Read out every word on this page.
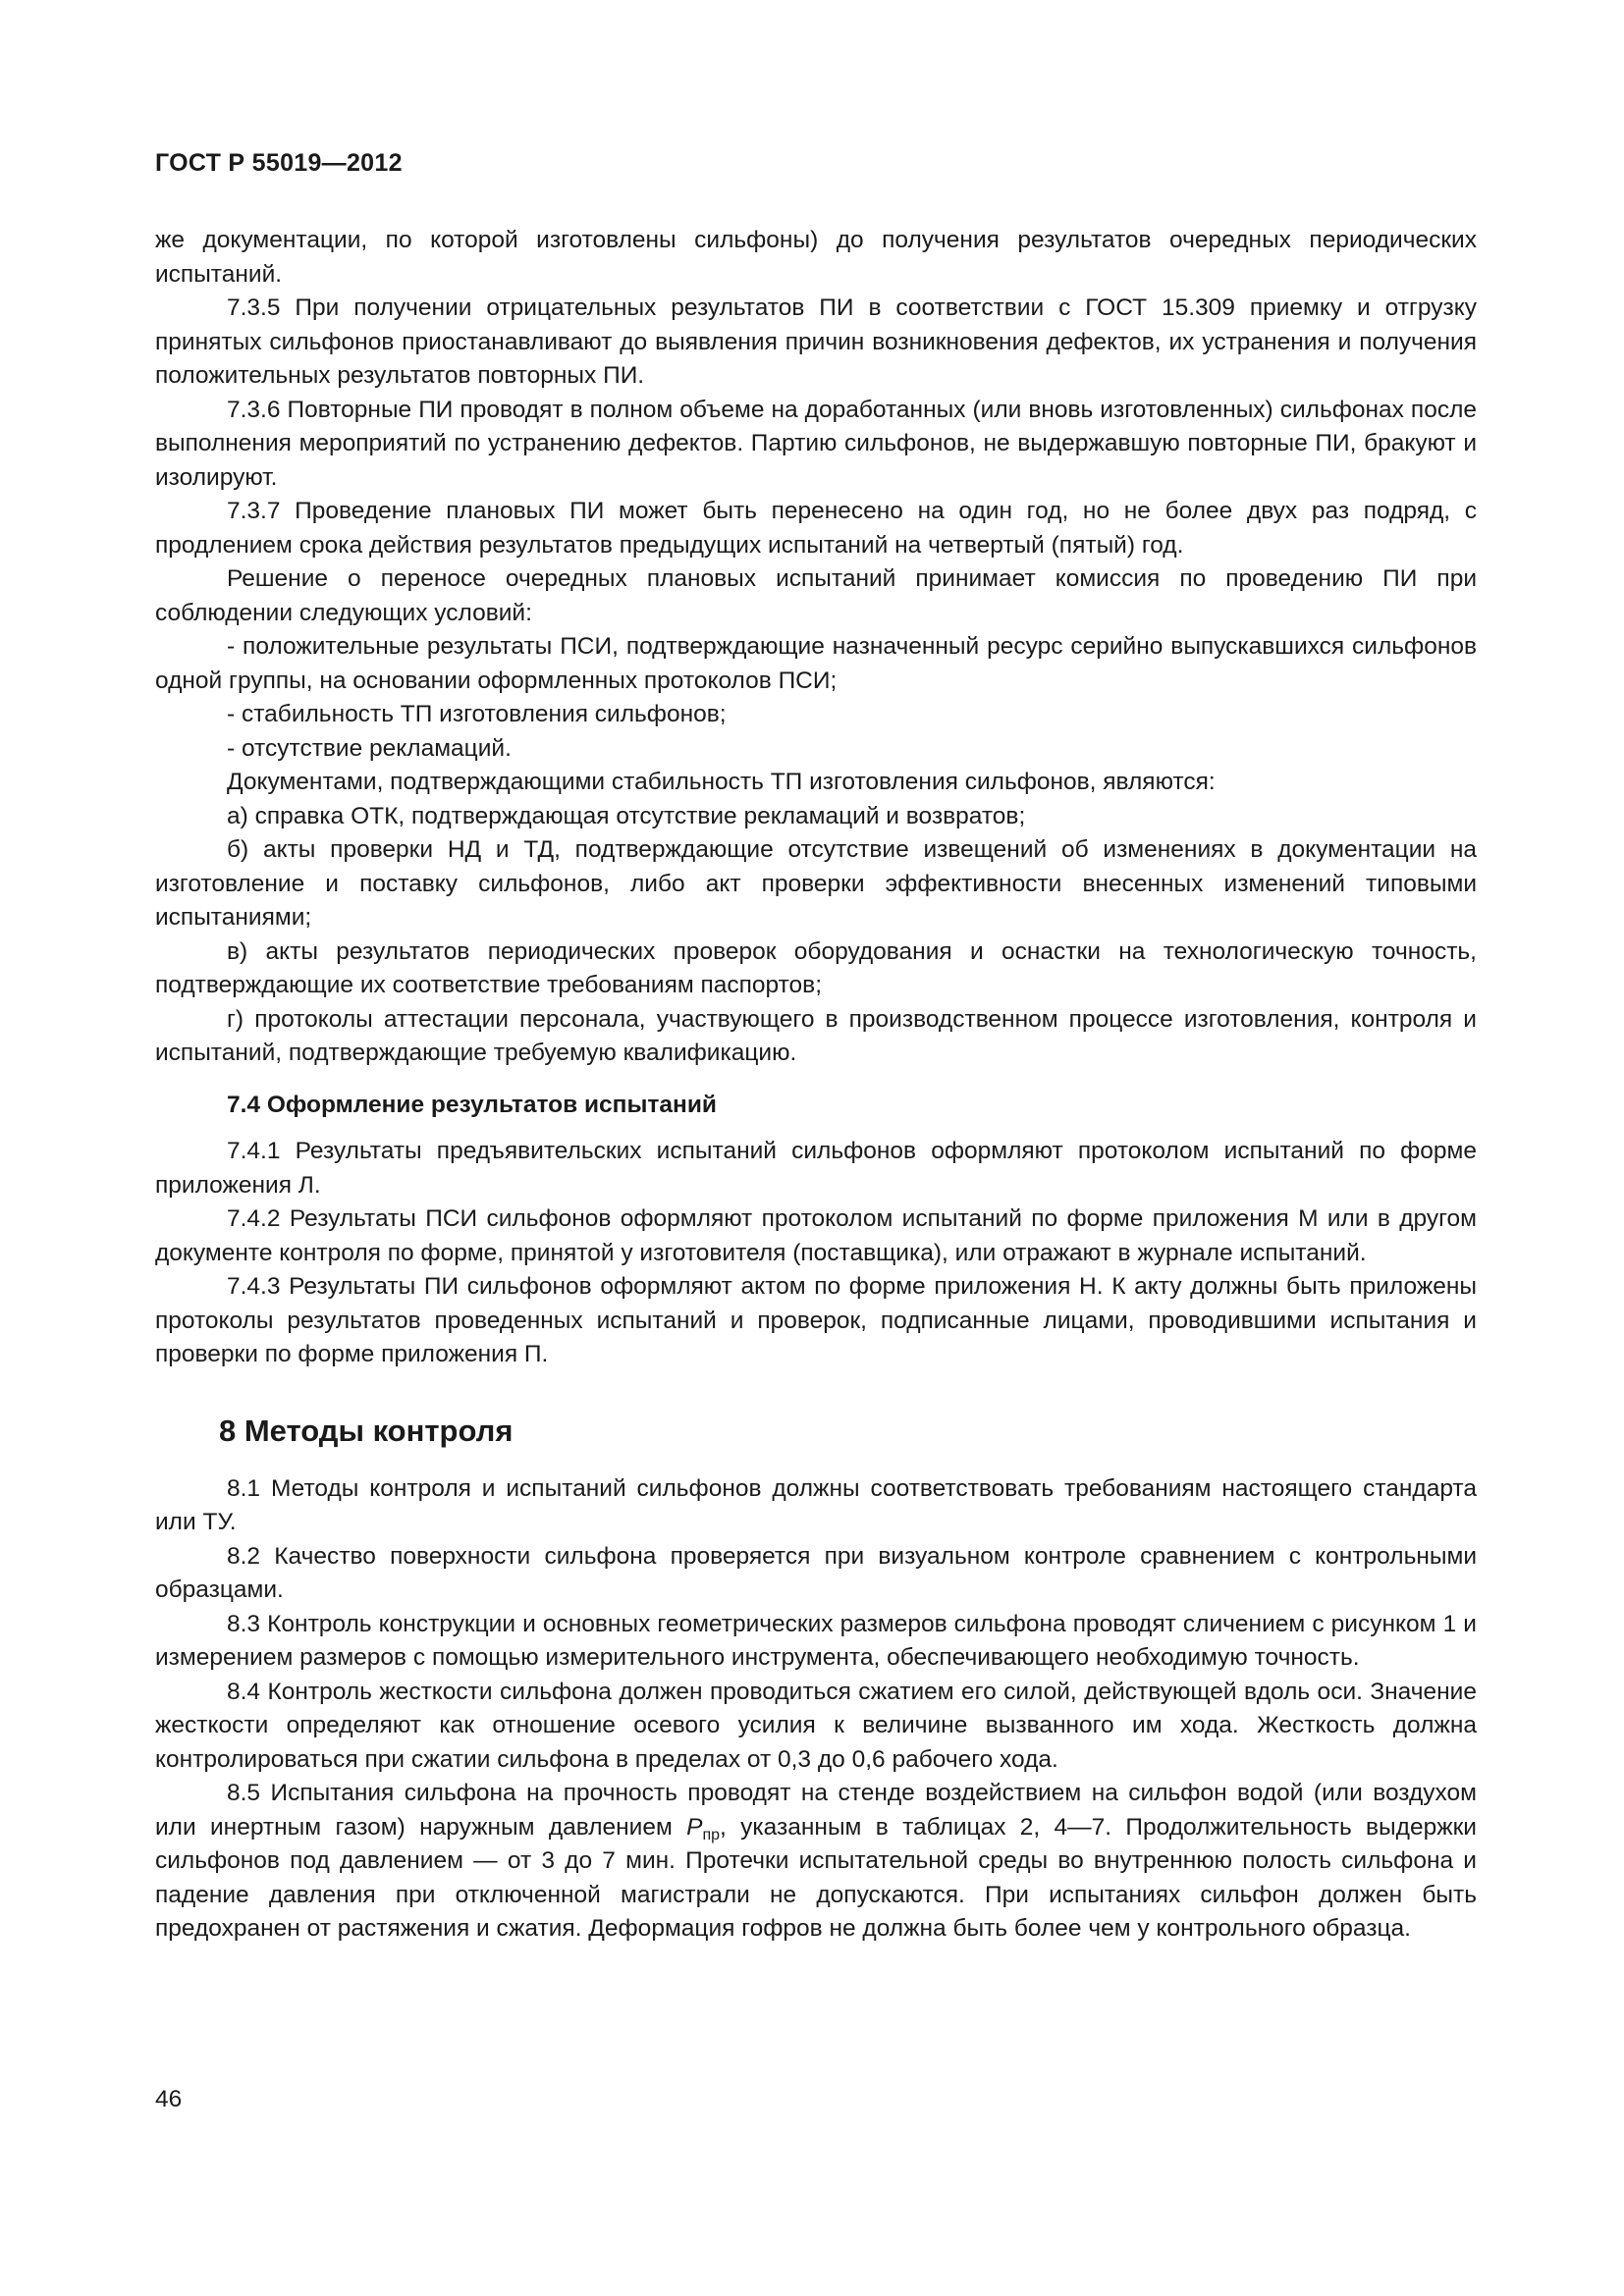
ГОСТ Р 55019—2012

же документации, по которой изготовлены сильфоны) до получения результатов очередных периодических испытаний.

7.3.5 При получении отрицательных результатов ПИ в соответствии с ГОСТ 15.309 приемку и отгрузку принятых сильфонов приостанавливают до выявления причин возникновения дефектов, их устранения и получения положительных результатов повторных ПИ.

7.3.6 Повторные ПИ проводят в полном объеме на доработанных (или вновь изготовленных) сильфонах после выполнения мероприятий по устранению дефектов. Партию сильфонов, не выдержавшую повторные ПИ, бракуют и изолируют.

7.3.7 Проведение плановых ПИ может быть перенесено на один год, но не более двух раз подряд, с продлением срока действия результатов предыдущих испытаний на четвертый (пятый) год.

Решение о переносе очередных плановых испытаний принимает комиссия по проведению ПИ при соблюдении следующих условий:

- положительные результаты ПСИ, подтверждающие назначенный ресурс серийно выпускавшихся сильфонов одной группы, на основании оформленных протоколов ПСИ;

- стабильность ТП изготовления сильфонов;

- отсутствие рекламаций.

Документами, подтверждающими стабильность ТП изготовления сильфонов, являются:

а) справка ОТК, подтверждающая отсутствие рекламаций и возвратов;

б) акты проверки НД и ТД, подтверждающие отсутствие извещений об изменениях в документации на изготовление и поставку сильфонов, либо акт проверки эффективности внесенных изменений типовыми испытаниями;

в) акты результатов периодических проверок оборудования и оснастки на технологическую точность, подтверждающие их соответствие требованиям паспортов;

г) протоколы аттестации персонала, участвующего в производственном процессе изготовления, контроля и испытаний, подтверждающие требуемую квалификацию.

7.4 Оформление результатов испытаний

7.4.1 Результаты предъявительских испытаний сильфонов оформляют протоколом испытаний по форме приложения Л.

7.4.2 Результаты ПСИ сильфонов оформляют протоколом испытаний по форме приложения М или в другом документе контроля по форме, принятой у изготовителя (поставщика), или отражают в журнале испытаний.

7.4.3 Результаты ПИ сильфонов оформляют актом по форме приложения Н. К акту должны быть приложены протоколы результатов проведенных испытаний и проверок, подписанные лицами, проводившими испытания и проверки по форме приложения П.

8 Методы контроля

8.1 Методы контроля и испытаний сильфонов должны соответствовать требованиям настоящего стандарта или ТУ.

8.2 Качество поверхности сильфона проверяется при визуальном контроле сравнением с контрольными образцами.

8.3 Контроль конструкции и основных геометрических размеров сильфона проводят сличением с рисунком 1 и измерением размеров с помощью измерительного инструмента, обеспечивающего необходимую точность.

8.4 Контроль жесткости сильфона должен проводиться сжатием его силой, действующей вдоль оси. Значение жесткости определяют как отношение осевого усилия к величине вызванного им хода. Жесткость должна контролироваться при сжатии сильфона в пределах от 0,3 до 0,6 рабочего хода.

8.5 Испытания сильфона на прочность проводят на стенде воздействием на сильфон водой (или воздухом или инертным газом) наружным давлением $P_{пр}$, указанным в таблицах 2, 4—7. Продолжительность выдержки сильфонов под давлением — от 3 до 7 мин. Протечки испытательной среды во внутреннюю полость сильфона и падение давления при отключенной магистрали не допускаются. При испытаниях сильфон должен быть предохранен от растяжения и сжатия. Деформация гофров не должна быть более чем у контрольного образца.

46
